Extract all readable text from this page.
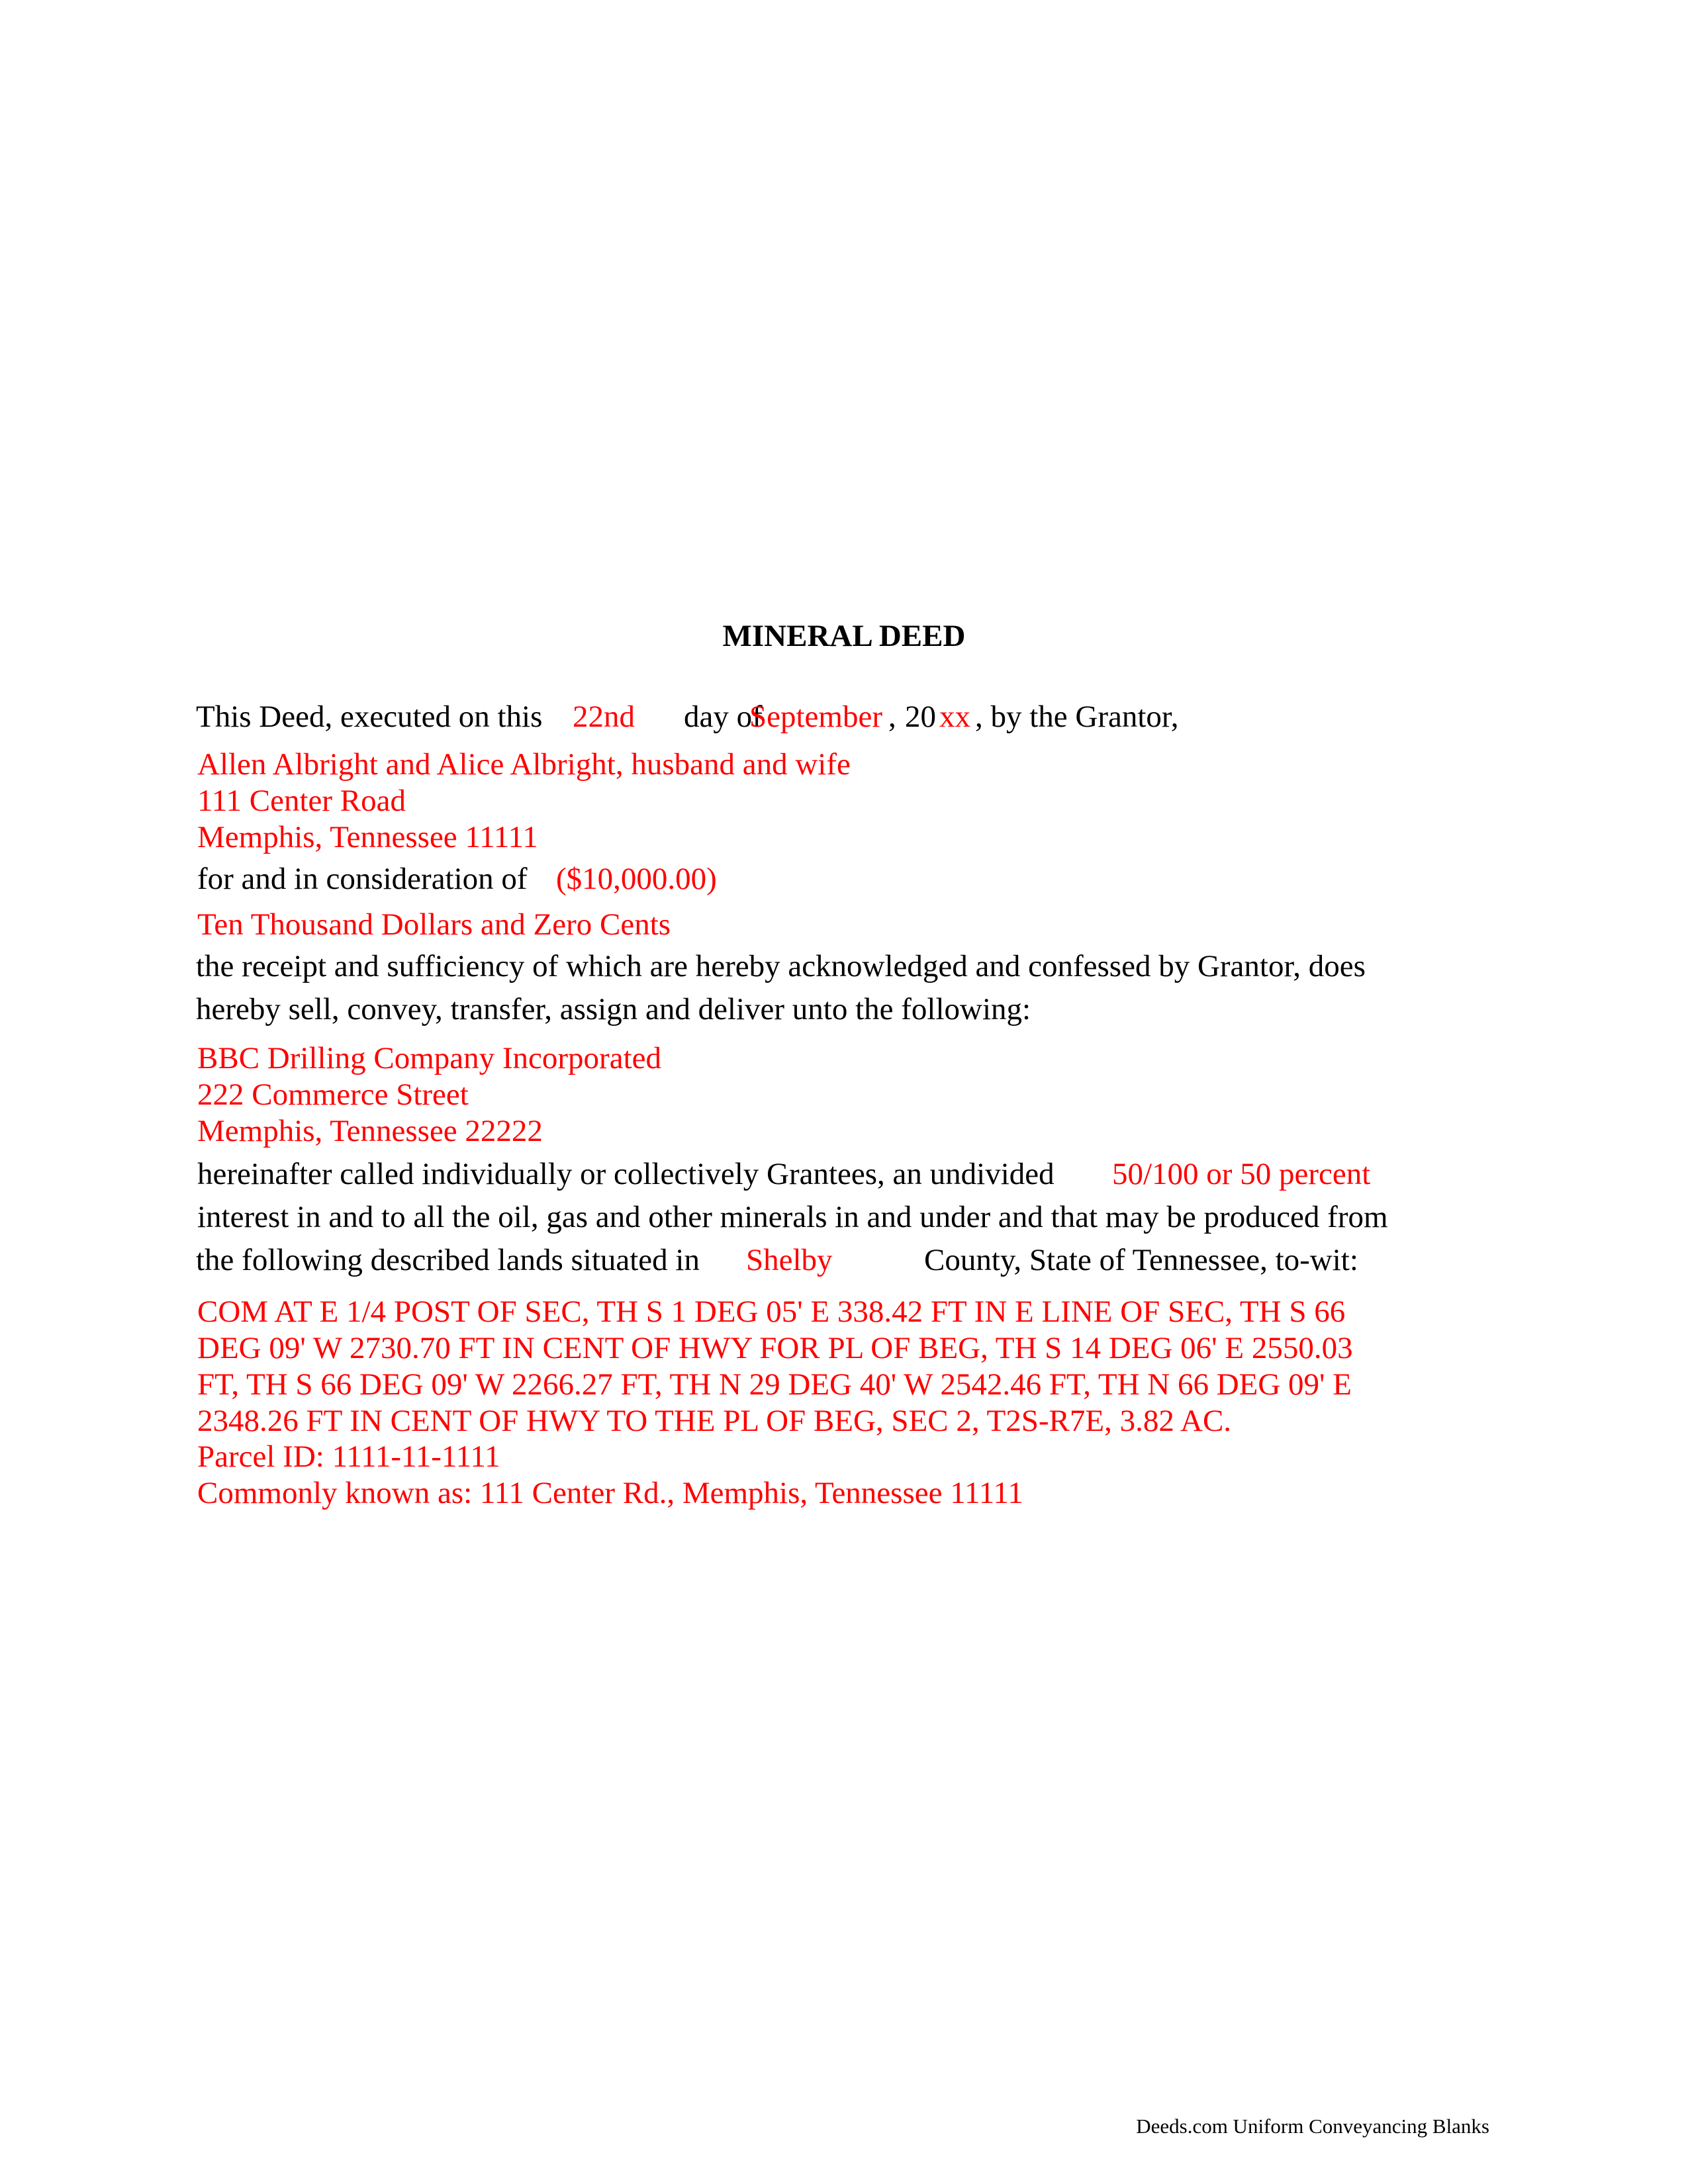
MINERAL DEED
This Deed, executed on this 22nd day of
September , 20 xx , by the Grantor,
Allen Albright and Alice Albright, husband and wife
111 Center Road
Memphis, Tennessee 11111
for and in consideration of ($10,000.00)
Ten Thousand Dollars and Zero Cents
the receipt and sufficiency of which are hereby acknowledged and confessed by Grantor, does
hereby sell, convey, transfer, assign and deliver unto the following:
BBC Drilling Company Incorporated
222 Commerce Street
Memphis, Tennessee 22222
hereinafter called individually or collectively Grantees, an undivided 50/100 or 50 percent
interest in and to all the oil, gas and other minerals in and under and that may be produced from
the following described lands situated in Shelby	County, State of Tennessee, to-wit:
COM AT E 1/4 POST OF SEC, TH S 1 DEG 05' E 338.42 FT IN E LINE OF SEC, TH S 66
DEG 09' W 2730.70 FT IN CENT OF HWY FOR PL OF BEG, TH S 14 DEG 06' E 2550.03
FT, TH S 66 DEG 09' W 2266.27 FT, TH N 29 DEG 40' W 2542.46 FT, TH N 66 DEG 09' E
2348.26 FT IN CENT OF HWY TO THE PL OF BEG, SEC 2, T2S-R7E, 3.82 AC.
Parcel ID: 1111-11-1111
Commonly known as: 111 Center Rd., Memphis, Tennessee 11111
Deeds.com Uniform Conveyancing Blanks
